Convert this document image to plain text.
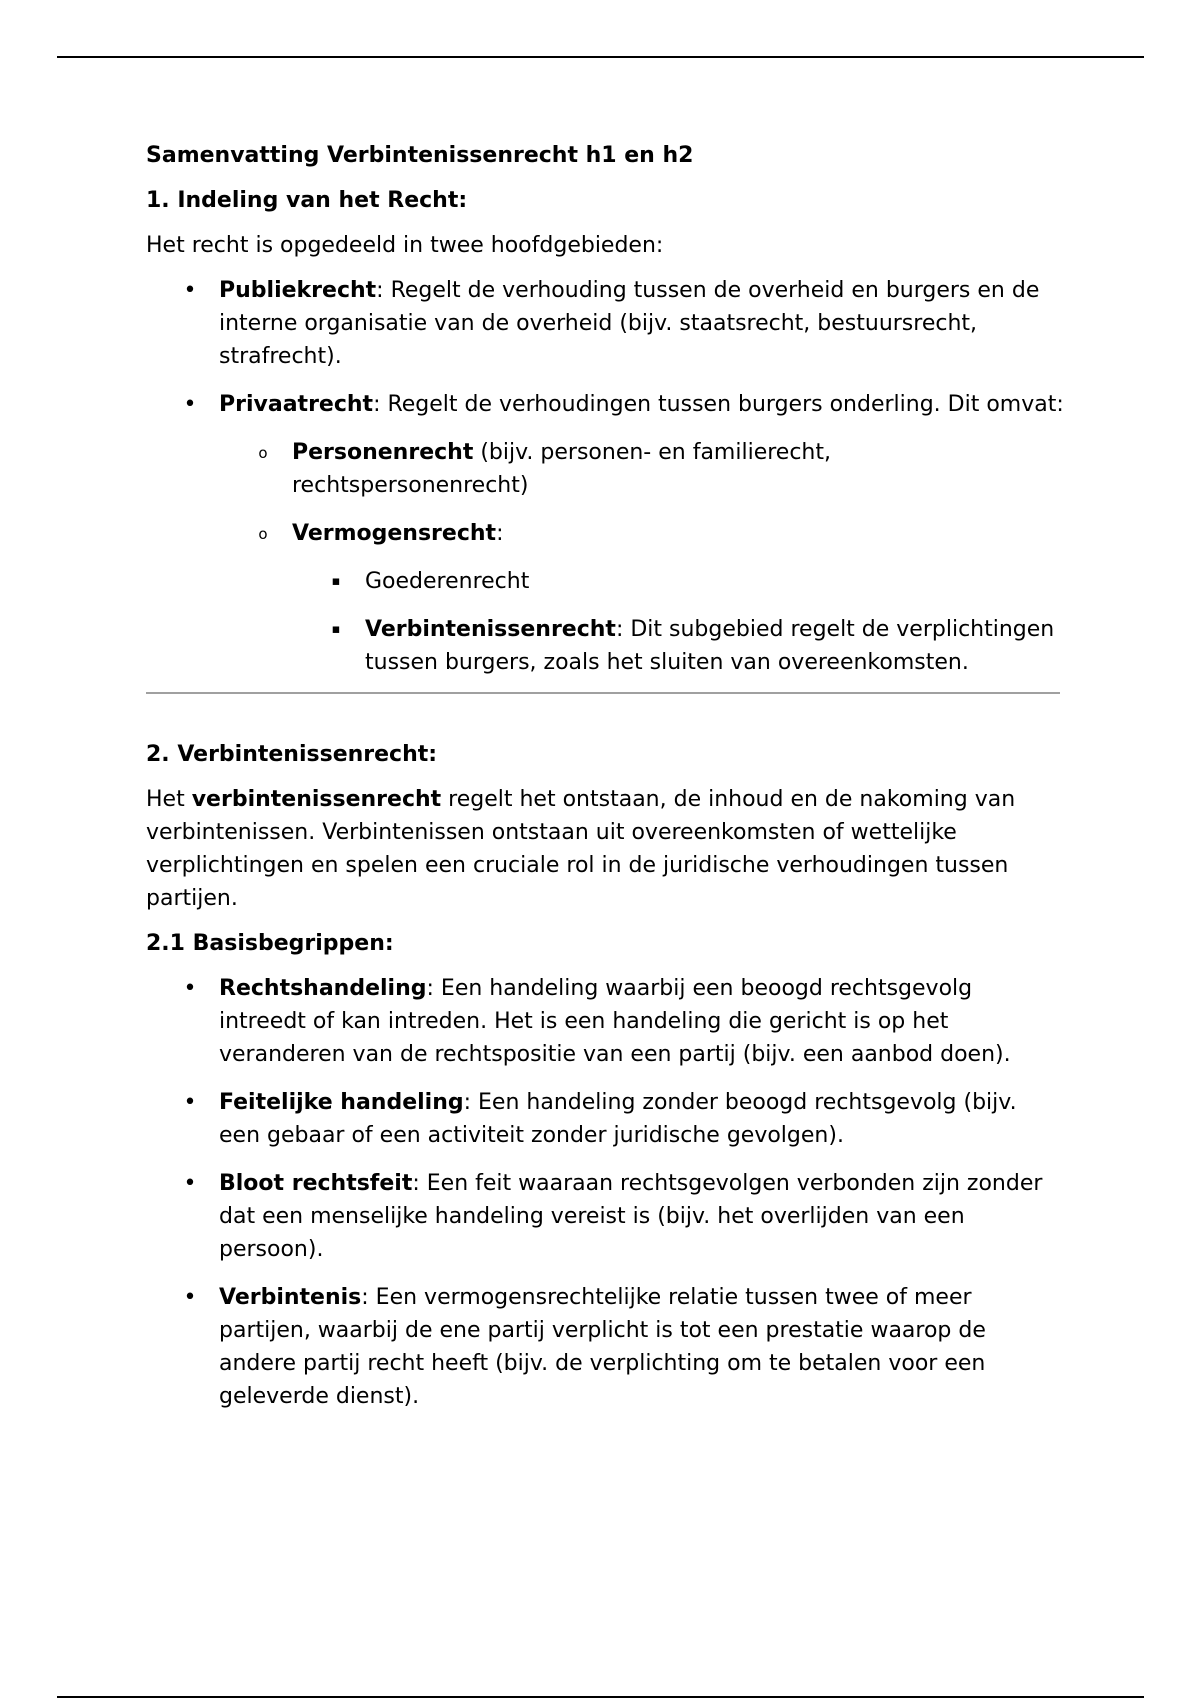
Samenvatting Verbintenissenrecht h1 en h2

1. Indeling van het Recht:

Het recht is opgedeeld in twee hoofdgebieden:

• Publiekrecht: Regelt de verhouding tussen de overheid en burgers en de interne organisatie van de overheid (bijv. staatsrecht, bestuursrecht, strafrecht).
• Privaatrecht: Regelt de verhoudingen tussen burgers onderling. Dit omvat:
o Personenrecht (bijv. personen- en familierecht, rechtspersonenrecht)
o Vermogensrecht:
▪ Goederenrecht
▪ Verbintenissenrecht: Dit subgebied regelt de verplichtingen tussen burgers, zoals het sluiten van overeenkomsten.

2. Verbintenissenrecht:

Het verbintenissenrecht regelt het ontstaan, de inhoud en de nakoming van verbintenissen. Verbintenissen ontstaan uit overeenkomsten of wettelijke verplichtingen en spelen een cruciale rol in de juridische verhoudingen tussen partijen.

2.1 Basisbegrippen:

• Rechtshandeling: Een handeling waarbij een beoogd rechtsgevolg intreedt of kan intreden. Het is een handeling die gericht is op het veranderen van de rechtspositie van een partij (bijv. een aanbod doen).
• Feitelijke handeling: Een handeling zonder beoogd rechtsgevolg (bijv. een gebaar of een activiteit zonder juridische gevolgen).
• Bloot rechtsfeit: Een feit waaraan rechtsgevolgen verbonden zijn zonder dat een menselijke handeling vereist is (bijv. het overlijden van een persoon).
• Verbintenis: Een vermogensrechtelijke relatie tussen twee of meer partijen, waarbij de ene partij verplicht is tot een prestatie waarop de andere partij recht heeft (bijv. de verplichting om te betalen voor een geleverde dienst).
